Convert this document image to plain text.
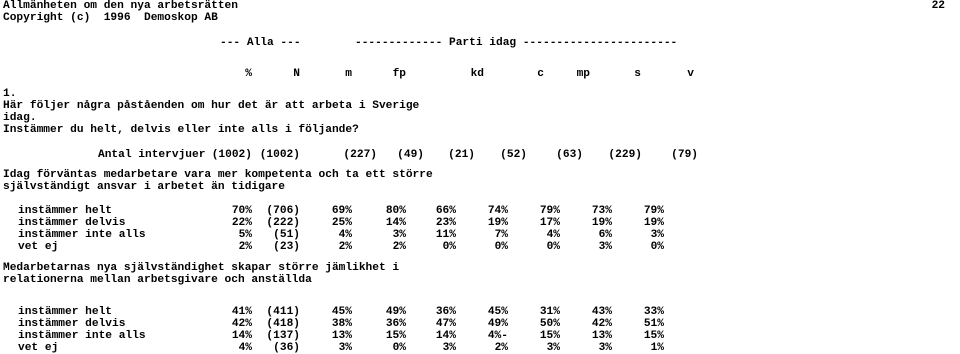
Allmänheten om den nya arbetsrätten	22
Copyright (c)  1996  Demoskop AB
--- Alla ---	------------- Parti idag -----------------------
%	N	m	fp	kd	c	mp	s	v
1.
Här följer några påståenden om hur det är att arbeta i Sverige
idag.
Instämmer du helt, delvis eller inte alls i följande?
Antal intervjuer (1002) (1002)	(227) (49) (21) (52)	(63) (229)	(79)
Idag förväntas medarbetare vara mer kompetenta och ta ett större
självständigt ansvar i arbetet än tidigare
instämmer helt	70% (706)	69%	80%	66%	74%	79%	73%	79%
instämmer delvis	22% (222)	25%	14%	23%	19%	17%	19%	19%
instämmer inte alls	5% (51)	4%	3%	11%	7%	4%	6%	3%
vet ej	2% (23)	2%	2%	0%	0%	0%	3%	0%
Medarbetarnas nya självständighet skapar större jämlikhet i
relationerna mellan arbetsgivare och anställda
instämmer helt	41% (411)	45%	49%	36%	45%	31%	43%	33%
instämmer delvis	42% (418)	38%	36%	47%	49%	50%	42%	51%
instämmer inte alls	14% (137)	13%	15%	14%	4%-	15%	13%	15%
vet ej	4% (36)	3%	0%	3%	2%	3%	3%	1%
